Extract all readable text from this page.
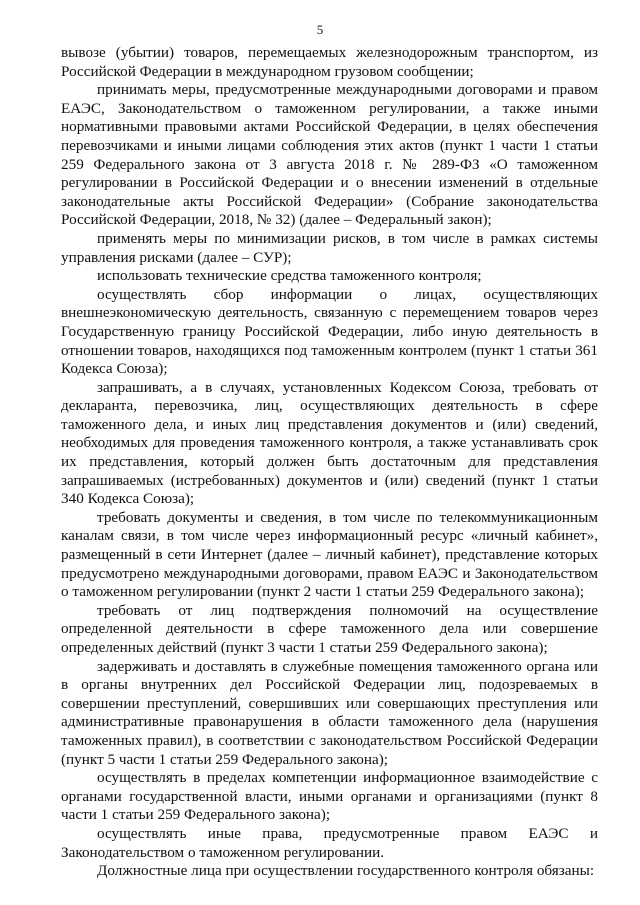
5

вывозе (убытии) товаров, перемещаемых железнодорожным транспортом, из Российской Федерации в международном грузовом сообщении;

принимать меры, предусмотренные международными договорами и правом ЕАЭС, Законодательством о таможенном регулировании, а также иными нормативными правовыми актами Российской Федерации, в целях обеспечения перевозчиками и иными лицами соблюдения этих актов (пункт 1 части 1 статьи 259 Федерального закона от 3 августа 2018 г. № 289-ФЗ «О таможенном регулировании в Российской Федерации и о внесении изменений в отдельные законодательные акты Российской Федерации» (Собрание законодательства Российской Федерации, 2018, № 32) (далее – Федеральный закон);

применять меры по минимизации рисков, в том числе в рамках системы управления рисками (далее – СУР);

использовать технические средства таможенного контроля;

осуществлять сбор информации о лицах, осуществляющих внешнеэкономическую деятельность, связанную с перемещением товаров через Государственную границу Российской Федерации, либо иную деятельность в отношении товаров, находящихся под таможенным контролем (пункт 1 статьи 361 Кодекса Союза);

запрашивать, а в случаях, установленных Кодексом Союза, требовать от декларанта, перевозчика, лиц, осуществляющих деятельность в сфере таможенного дела, и иных лиц представления документов и (или) сведений, необходимых для проведения таможенного контроля, а также устанавливать срок их представления, который должен быть достаточным для представления запрашиваемых (истребованных) документов и (или) сведений (пункт 1 статьи 340 Кодекса Союза);

требовать документы и сведения, в том числе по телекоммуникационным каналам связи, в том числе через информационный ресурс «личный кабинет», размещенный в сети Интернет (далее – личный кабинет), представление которых предусмотрено международными договорами, правом ЕАЭС и Законодательством о таможенном регулировании (пункт 2 части 1 статьи 259 Федерального закона);

требовать от лиц подтверждения полномочий на осуществление определенной деятельности в сфере таможенного дела или совершение определенных действий (пункт 3 части 1 статьи 259 Федерального закона);

задерживать и доставлять в служебные помещения таможенного органа или в органы внутренних дел Российской Федерации лиц, подозреваемых в совершении преступлений, совершивших или совершающих преступления или административные правонарушения в области таможенного дела (нарушения таможенных правил), в соответствии с законодательством Российской Федерации (пункт 5 части 1 статьи 259 Федерального закона);

осуществлять в пределах компетенции информационное взаимодействие с органами государственной власти, иными органами и организациями (пункт 8 части 1 статьи 259 Федерального закона);

осуществлять иные права, предусмотренные правом ЕАЭС и Законодательством о таможенном регулировании.

Должностные лица при осуществлении государственного контроля обязаны:
